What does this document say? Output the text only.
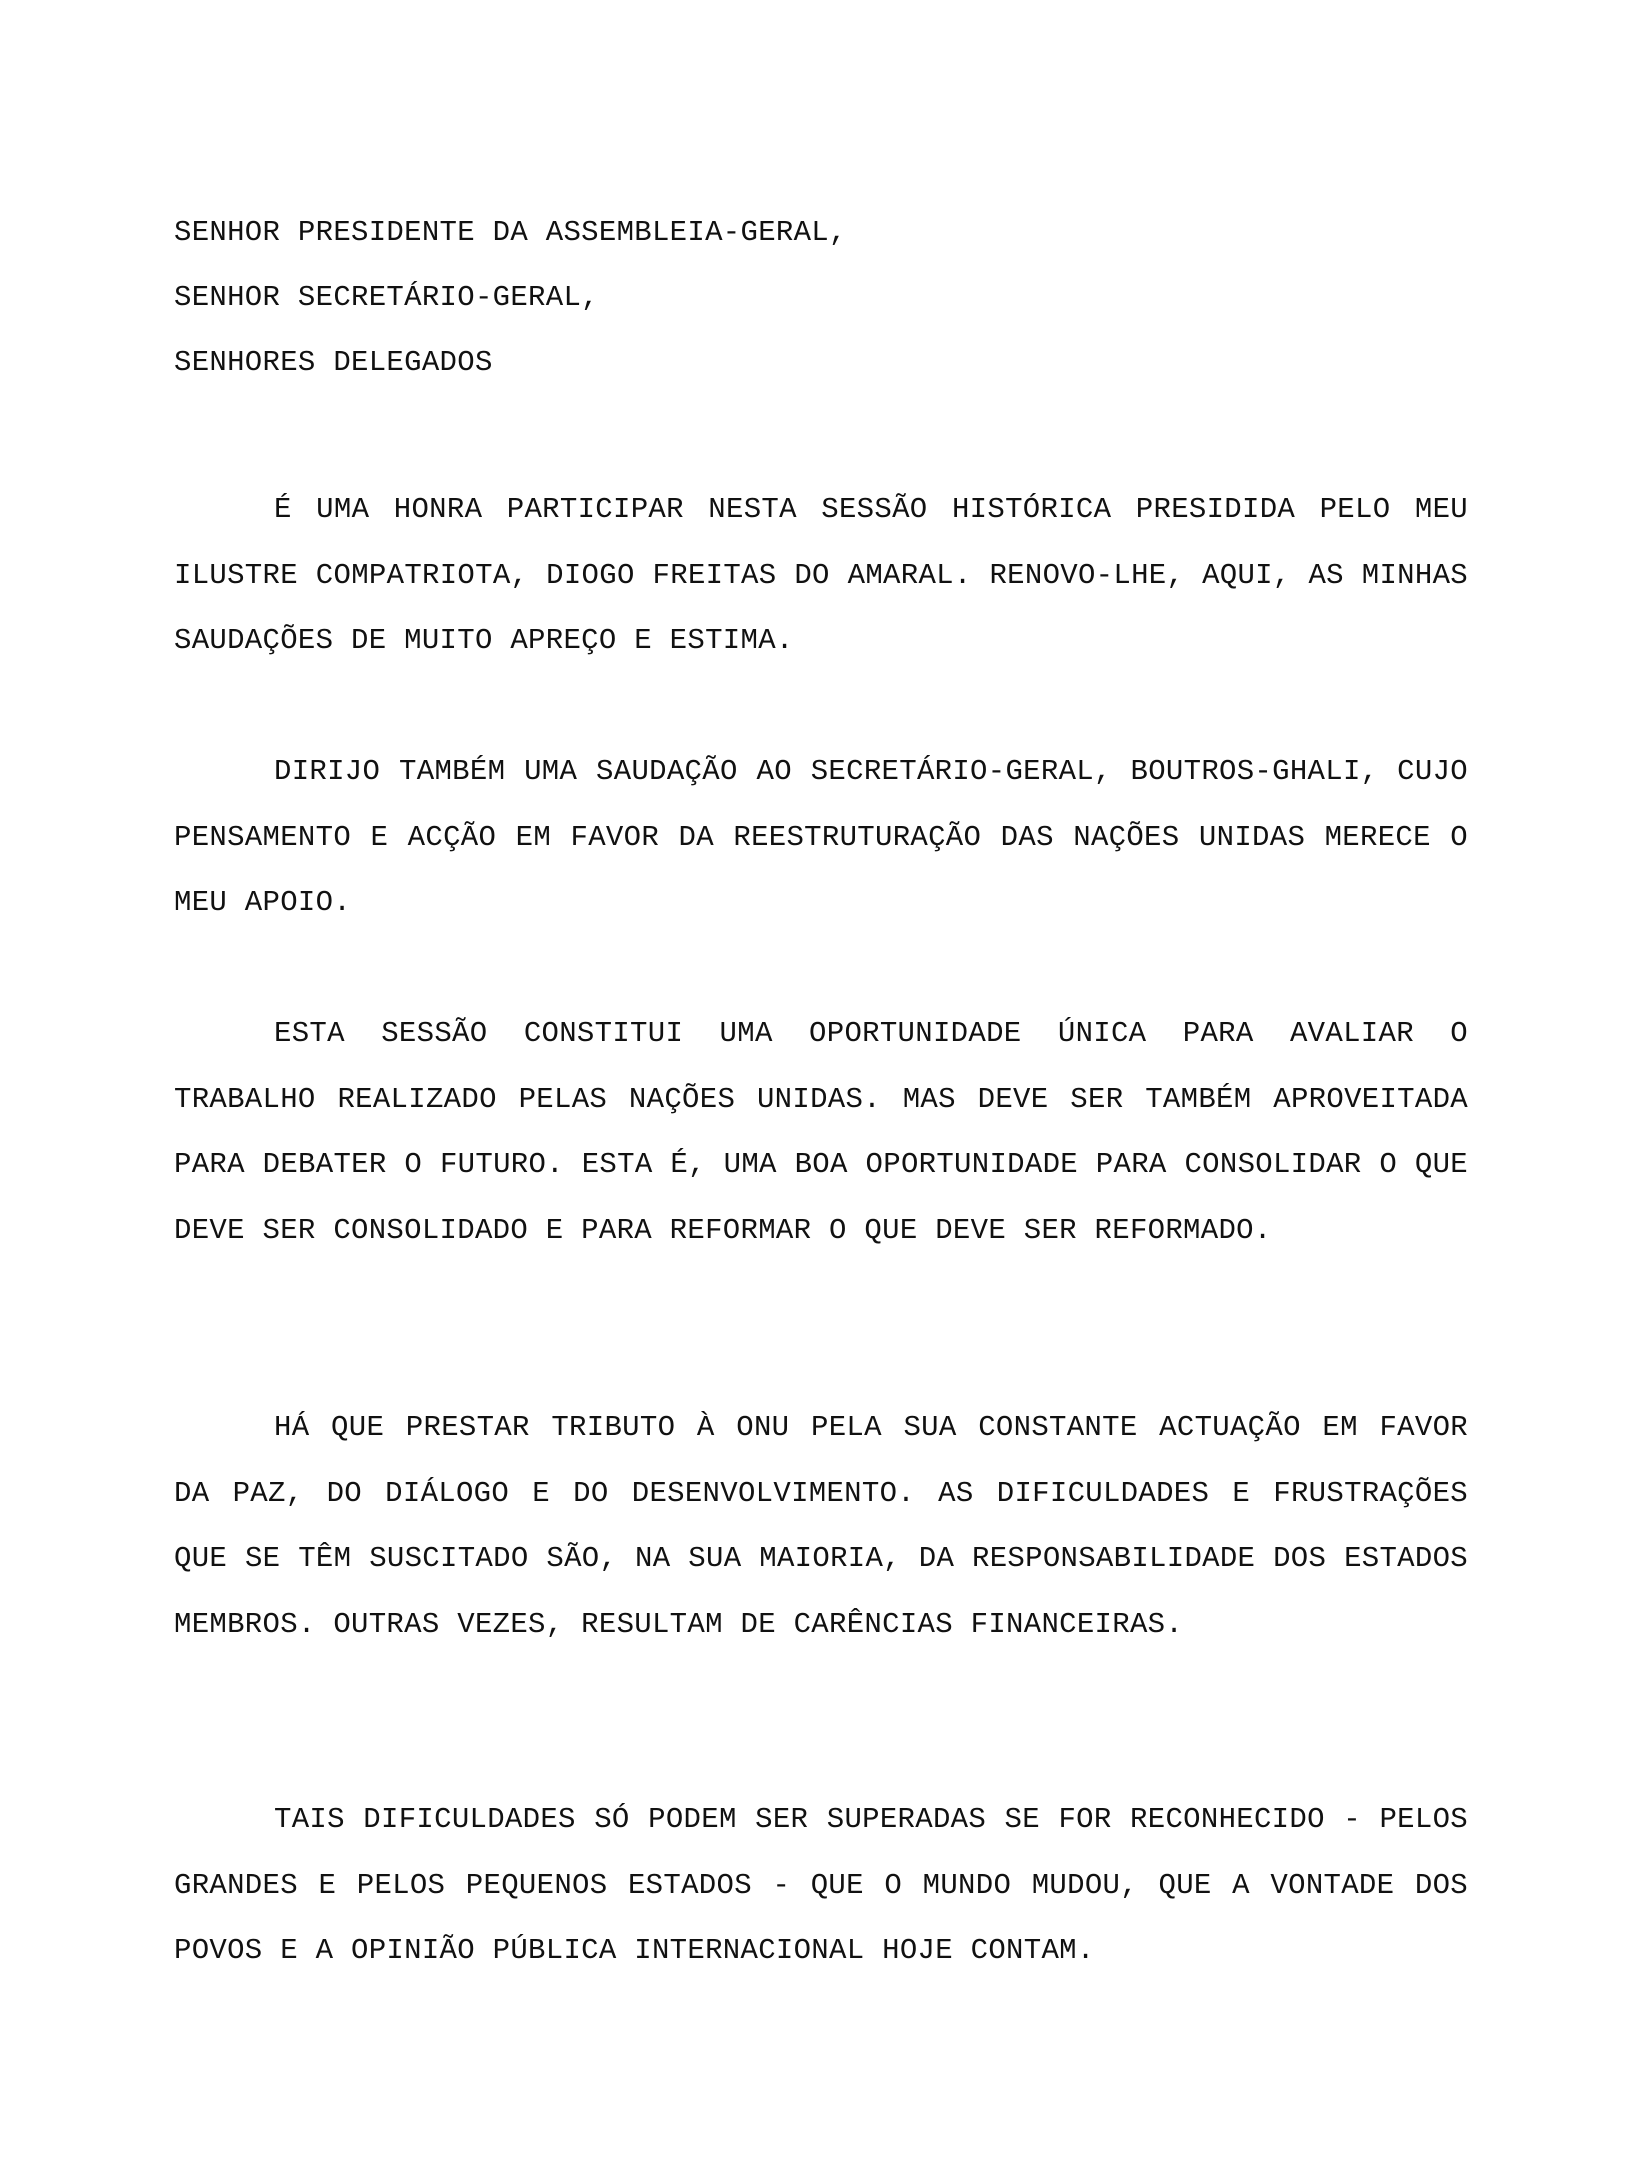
SENHOR PRESIDENTE DA ASSEMBLEIA-GERAL,
SENHOR SECRETÁRIO-GERAL,
SENHORES DELEGADOS

É UMA HONRA PARTICIPAR NESTA SESSÃO HISTÓRICA PRESIDIDA PELO MEU ILUSTRE COMPATRIOTA, DIOGO FREITAS DO AMARAL. RENOVO-LHE, AQUI, AS MINHAS SAUDAÇÕES DE MUITO APREÇO E ESTIMA.

DIRIJO TAMBÉM UMA SAUDAÇÃO AO SECRETÁRIO-GERAL, BOUTROS-GHALI, CUJO PENSAMENTO E ACÇÃO EM FAVOR DA REESTRUTURAÇÃO DAS NAÇÕES UNIDAS MERECE O MEU APOIO.

ESTA SESSÃO CONSTITUI UMA OPORTUNIDADE ÚNICA PARA AVALIAR O TRABALHO REALIZADO PELAS NAÇÕES UNIDAS. MAS DEVE SER TAMBÉM APROVEITADA PARA DEBATER O FUTURO. ESTA É, UMA BOA OPORTUNIDADE PARA CONSOLIDAR O QUE DEVE SER CONSOLIDADO E PARA REFORMAR O QUE DEVE SER REFORMADO.

HÁ QUE PRESTAR TRIBUTO À ONU PELA SUA CONSTANTE ACTUAÇÃO EM FAVOR DA PAZ, DO DIÁLOGO E DO DESENVOLVIMENTO. AS DIFICULDADES E FRUSTRAÇÕES QUE SE TÊM SUSCITADO SÃO, NA SUA MAIORIA, DA RESPONSABILIDADE DOS ESTADOS MEMBROS. OUTRAS VEZES, RESULTAM DE CARÊNCIAS FINANCEIRAS.

TAIS DIFICULDADES SÓ PODEM SER SUPERADAS SE FOR RECONHECIDO - PELOS GRANDES E PELOS PEQUENOS ESTADOS - QUE O MUNDO MUDOU, QUE A VONTADE DOS POVOS E A OPINIÃO PÚBLICA INTERNACIONAL HOJE CONTAM.
